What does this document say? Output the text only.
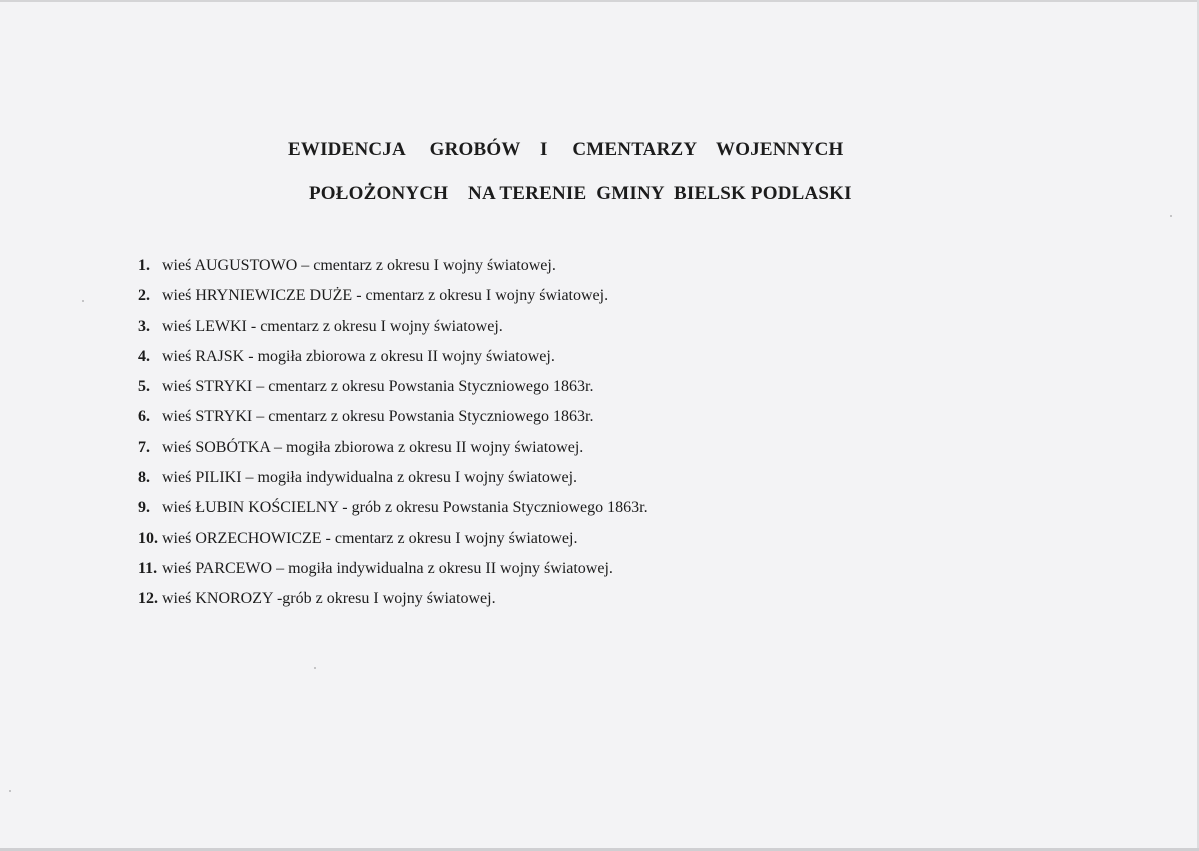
EWIDENCJA     GROBÓW    I     CMENTARZY    WOJENNYCH
POŁOŻONYCH    NA TERENIE  GMINY  BIELSK PODLASKI
1. wieś AUGUSTOWO – cmentarz z okresu I wojny światowej.
2. wieś HRYNIEWICZE DUŻE - cmentarz z okresu I wojny światowej.
3. wieś LEWKI - cmentarz z okresu I wojny światowej.
4. wieś RAJSK - mogiła zbiorowa z okresu II wojny światowej.
5. wieś STRYKI – cmentarz z okresu Powstania Styczniowego 1863r.
6. wieś STRYKI – cmentarz z okresu Powstania Styczniowego 1863r.
7. wieś SOBÓTKA – mogiła zbiorowa z okresu II wojny światowej.
8. wieś PILIKI – mogiła indywidualna z okresu I wojny światowej.
9. wieś ŁUBIN KOŚCIELNY - grób z okresu Powstania Styczniowego 1863r.
10. wieś ORZECHOWICZE - cmentarz z okresu I wojny światowej.
11. wieś PARCEWO – mogiła indywidualna z okresu II wojny światowej.
12. wieś KNOROZY -grób z okresu I wojny światowej.
